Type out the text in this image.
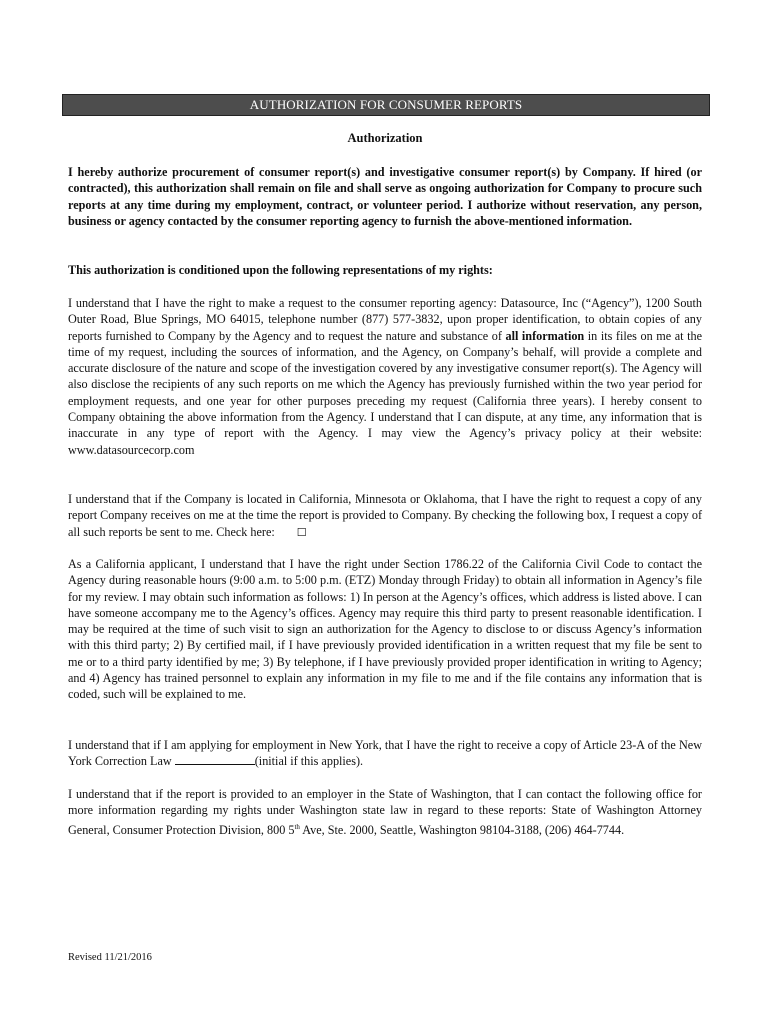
AUTHORIZATION FOR CONSUMER REPORTS
Authorization
I hereby authorize procurement of consumer report(s) and investigative consumer report(s) by Company. If hired (or contracted), this authorization shall remain on file and shall serve as ongoing authorization for Company to procure such reports at any time during my employment, contract, or volunteer period. I authorize without reservation, any person, business or agency contacted by the consumer reporting agency to furnish the above-mentioned information.
This authorization is conditioned upon the following representations of my rights:
I understand that I have the right to make a request to the consumer reporting agency: Datasource, Inc (“Agency”), 1200 South Outer Road, Blue Springs, MO 64015, telephone number (877) 577-3832, upon proper identification, to obtain copies of any reports furnished to Company by the Agency and to request the nature and substance of all information in its files on me at the time of my request, including the sources of information, and the Agency, on Company’s behalf, will provide a complete and accurate disclosure of the nature and scope of the investigation covered by any investigative consumer report(s). The Agency will also disclose the recipients of any such reports on me which the Agency has previously furnished within the two year period for employment requests, and one year for other purposes preceding my request (California three years). I hereby consent to Company obtaining the above information from the Agency. I understand that I can dispute, at any time, any information that is inaccurate in any type of report with the Agency. I may view the Agency’s privacy policy at their website: www.datasourcecorp.com
I understand that if the Company is located in California, Minnesota or Oklahoma, that I have the right to request a copy of any report Company receives on me at the time the report is provided to Company. By checking the following box, I request a copy of all such reports be sent to me. Check here: ☐
As a California applicant, I understand that I have the right under Section 1786.22 of the California Civil Code to contact the Agency during reasonable hours (9:00 a.m. to 5:00 p.m. (ETZ) Monday through Friday) to obtain all information in Agency’s file for my review. I may obtain such information as follows: 1) In person at the Agency’s offices, which address is listed above. I can have someone accompany me to the Agency’s offices. Agency may require this third party to present reasonable identification. I may be required at the time of such visit to sign an authorization for the Agency to disclose to or discuss Agency’s information with this third party; 2) By certified mail, if I have previously provided identification in a written request that my file be sent to me or to a third party identified by me; 3) By telephone, if I have previously provided proper identification in writing to Agency; and 4) Agency has trained personnel to explain any information in my file to me and if the file contains any information that is coded, such will be explained to me.
I understand that if I am applying for employment in New York, that I have the right to receive a copy of Article 23-A of the New York Correction Law	(initial if this applies).
I understand that if the report is provided to an employer in the State of Washington, that I can contact the following office for more information regarding my rights under Washington state law in regard to these reports: State of Washington Attorney General, Consumer Protection Division, 800 5th Ave, Ste. 2000, Seattle, Washington 98104-3188, (206) 464-7744.
Revised 11/21/2016
